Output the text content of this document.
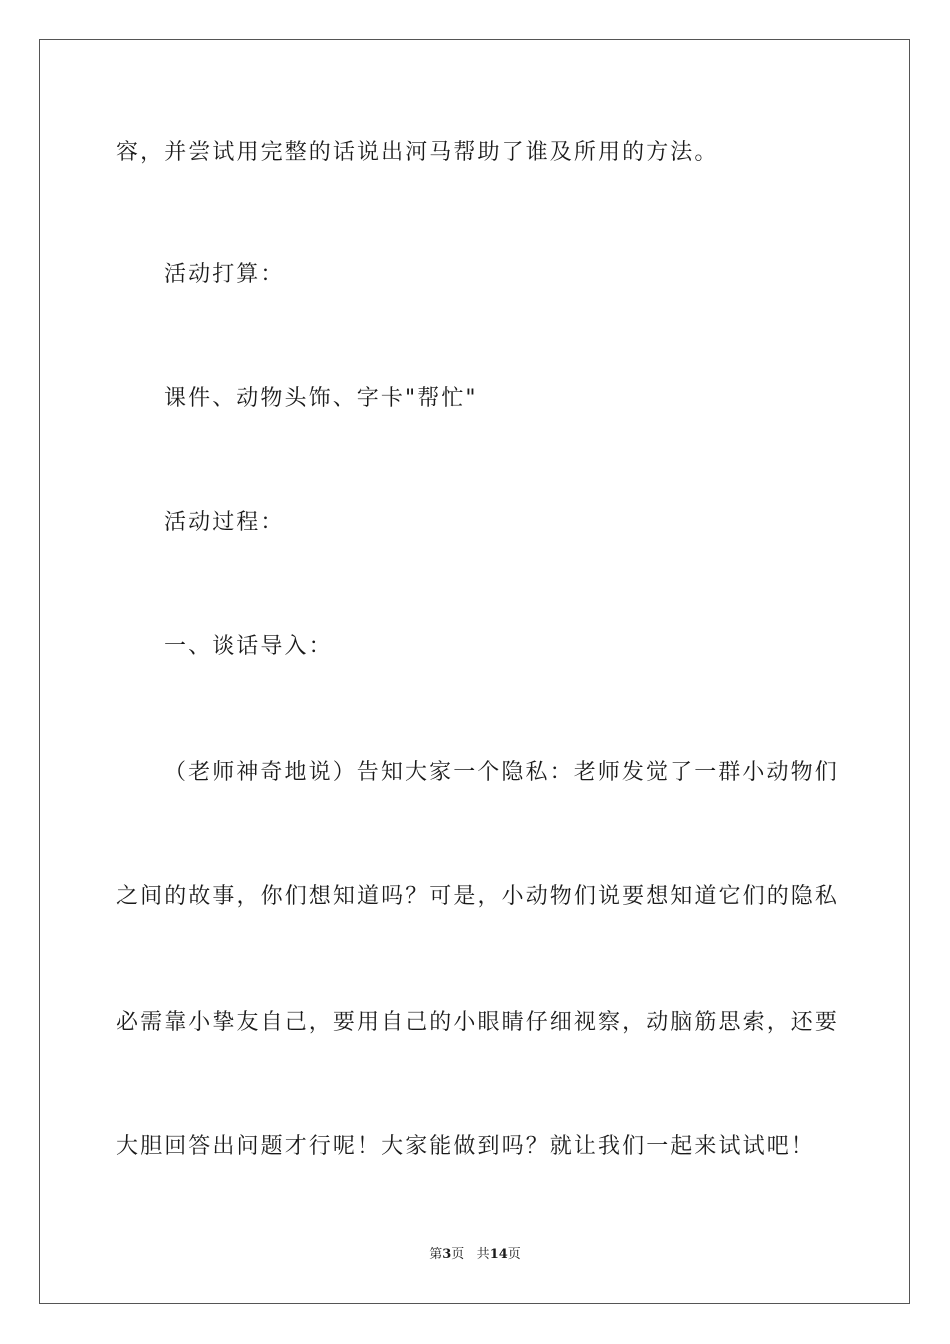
容，并尝试用完整的话说出河马帮助了谁及所用的方法。
活动打算：
课件、动物头饰、字卡"帮忙"
活动过程：
一、谈话导入：
（老师神奇地说）告知大家一个隐私：老师发觉了一群小动物们
之间的故事，你们想知道吗？可是，小动物们说要想知道它们的隐私
必需靠小挚友自己，要用自己的小眼睛仔细视察，动脑筋思索，还要
大胆回答出问题才行呢！大家能做到吗？就让我们一起来试试吧！
第3页 共14页
